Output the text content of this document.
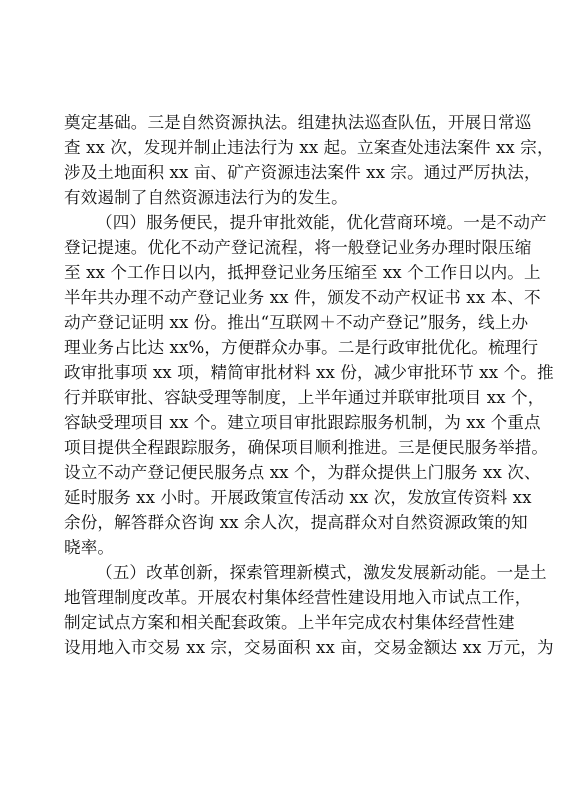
奠定基础。三是自然资源执法。组建执法巡查队伍，开展日常巡
查 xx 次，发现并制止违法行为 xx 起。立案查处违法案件 xx 宗，
涉及土地面积 xx 亩、矿产资源违法案件 xx 宗。通过严厉执法，
有效遏制了自然资源违法行为的发生。
（四）服务便民，提升审批效能，优化营商环境。一是不动产
登记提速。优化不动产登记流程，将一般登记业务办理时限压缩
至 xx 个工作日以内，抵押登记业务压缩至 xx 个工作日以内。上
半年共办理不动产登记业务 xx 件，颁发不动产权证书 xx 本、不
动产登记证明 xx 份。推出“互联网＋不动产登记”服务，线上办
理业务占比达 xx%，方便群众办事。二是行政审批优化。梳理行
政审批事项 xx 项，精简审批材料 xx 份，减少审批环节 xx 个。推
行并联审批、容缺受理等制度，上半年通过并联审批项目 xx 个，
容缺受理项目 xx 个。建立项目审批跟踪服务机制，为 xx 个重点
项目提供全程跟踪服务，确保项目顺利推进。三是便民服务举措。
设立不动产登记便民服务点 xx 个，为群众提供上门服务 xx 次、
延时服务 xx 小时。开展政策宣传活动 xx 次，发放宣传资料 xx
余份，解答群众咨询 xx 余人次，提高群众对自然资源政策的知
晓率。
（五）改革创新，探索管理新模式，激发发展新动能。一是土
地管理制度改革。开展农村集体经营性建设用地入市试点工作，
制定试点方案和相关配套政策。上半年完成农村集体经营性建
设用地入市交易 xx 宗，交易面积 xx 亩，交易金额达 xx 万元，为
